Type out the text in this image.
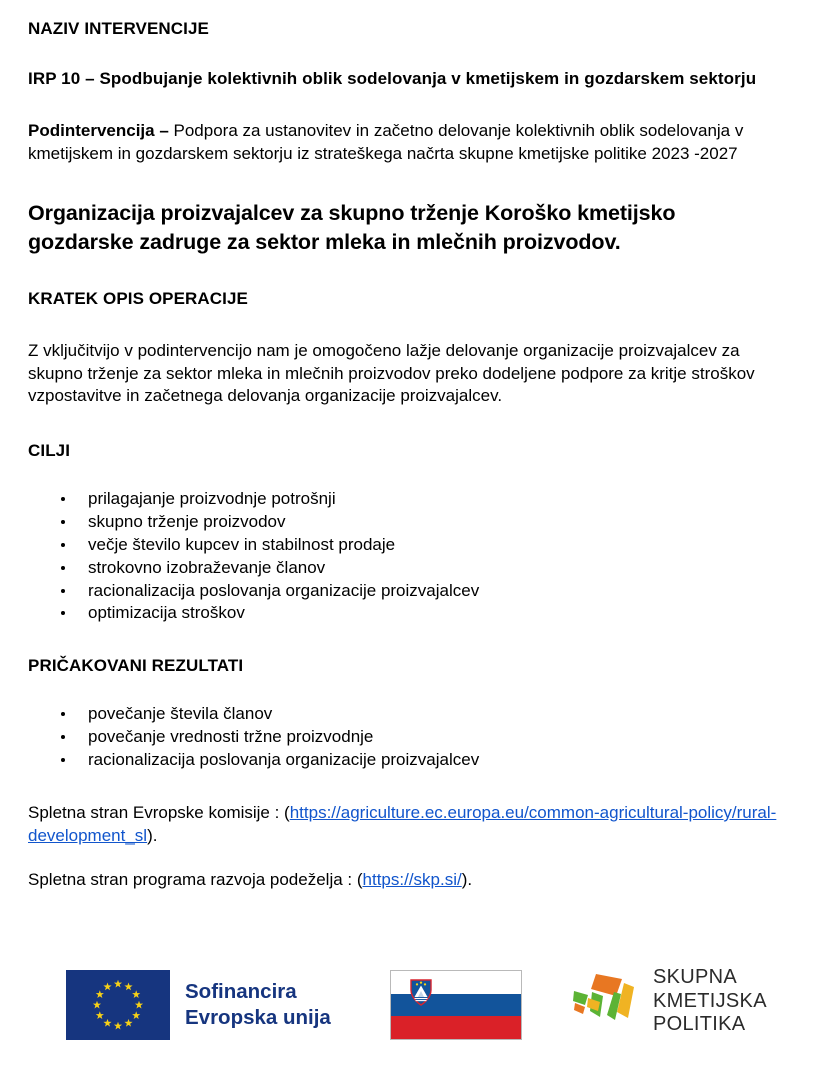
NAZIV INTERVENCIJE

IRP 10 – Spodbujanje kolektivnih oblik sodelovanja v kmetijskem in gozdarskem sektorju

Podintervencija – Podpora za ustanovitev in začetno delovanje kolektivnih oblik sodelovanja v kmetijskem in gozdarskem sektorju iz strateškega načrta skupne kmetijske politike 2023 -2027

Organizacija proizvajalcev za skupno trženje Koroško kmetijsko gozdarske zadruge za sektor mleka in mlečnih proizvodov.

KRATEK OPIS OPERACIJE

Z vključitvijo v podintervencijo nam je omogočeno lažje delovanje organizacije proizvajalcev za skupno trženje za sektor mleka in mlečnih proizvodov preko dodeljene podpore za kritje stroškov vzpostavitve in začetnega delovanja organizacije proizvajalcev.

CILJI

prilagajanje proizvodnje potrošnji
skupno trženje proizvodov
večje število kupcev in stabilnost prodaje
strokovno izobraževanje članov
racionalizacija poslovanja organizacije proizvajalcev
optimizacija stroškov

PRIČAKOVANI REZULTATI

povečanje števila članov
povečanje vrednosti tržne proizvodnje
racionalizacija poslovanja organizacije proizvajalcev

Spletna stran Evropske komisije : (https://agriculture.ec.europa.eu/common-agricultural-policy/rural-development_sl).

Spletna stran programa razvoja podeželja : (https://skp.si/).

Sofinancira
Evropska unija
SKUPNA
KMETIJSKA
POLITIKA
